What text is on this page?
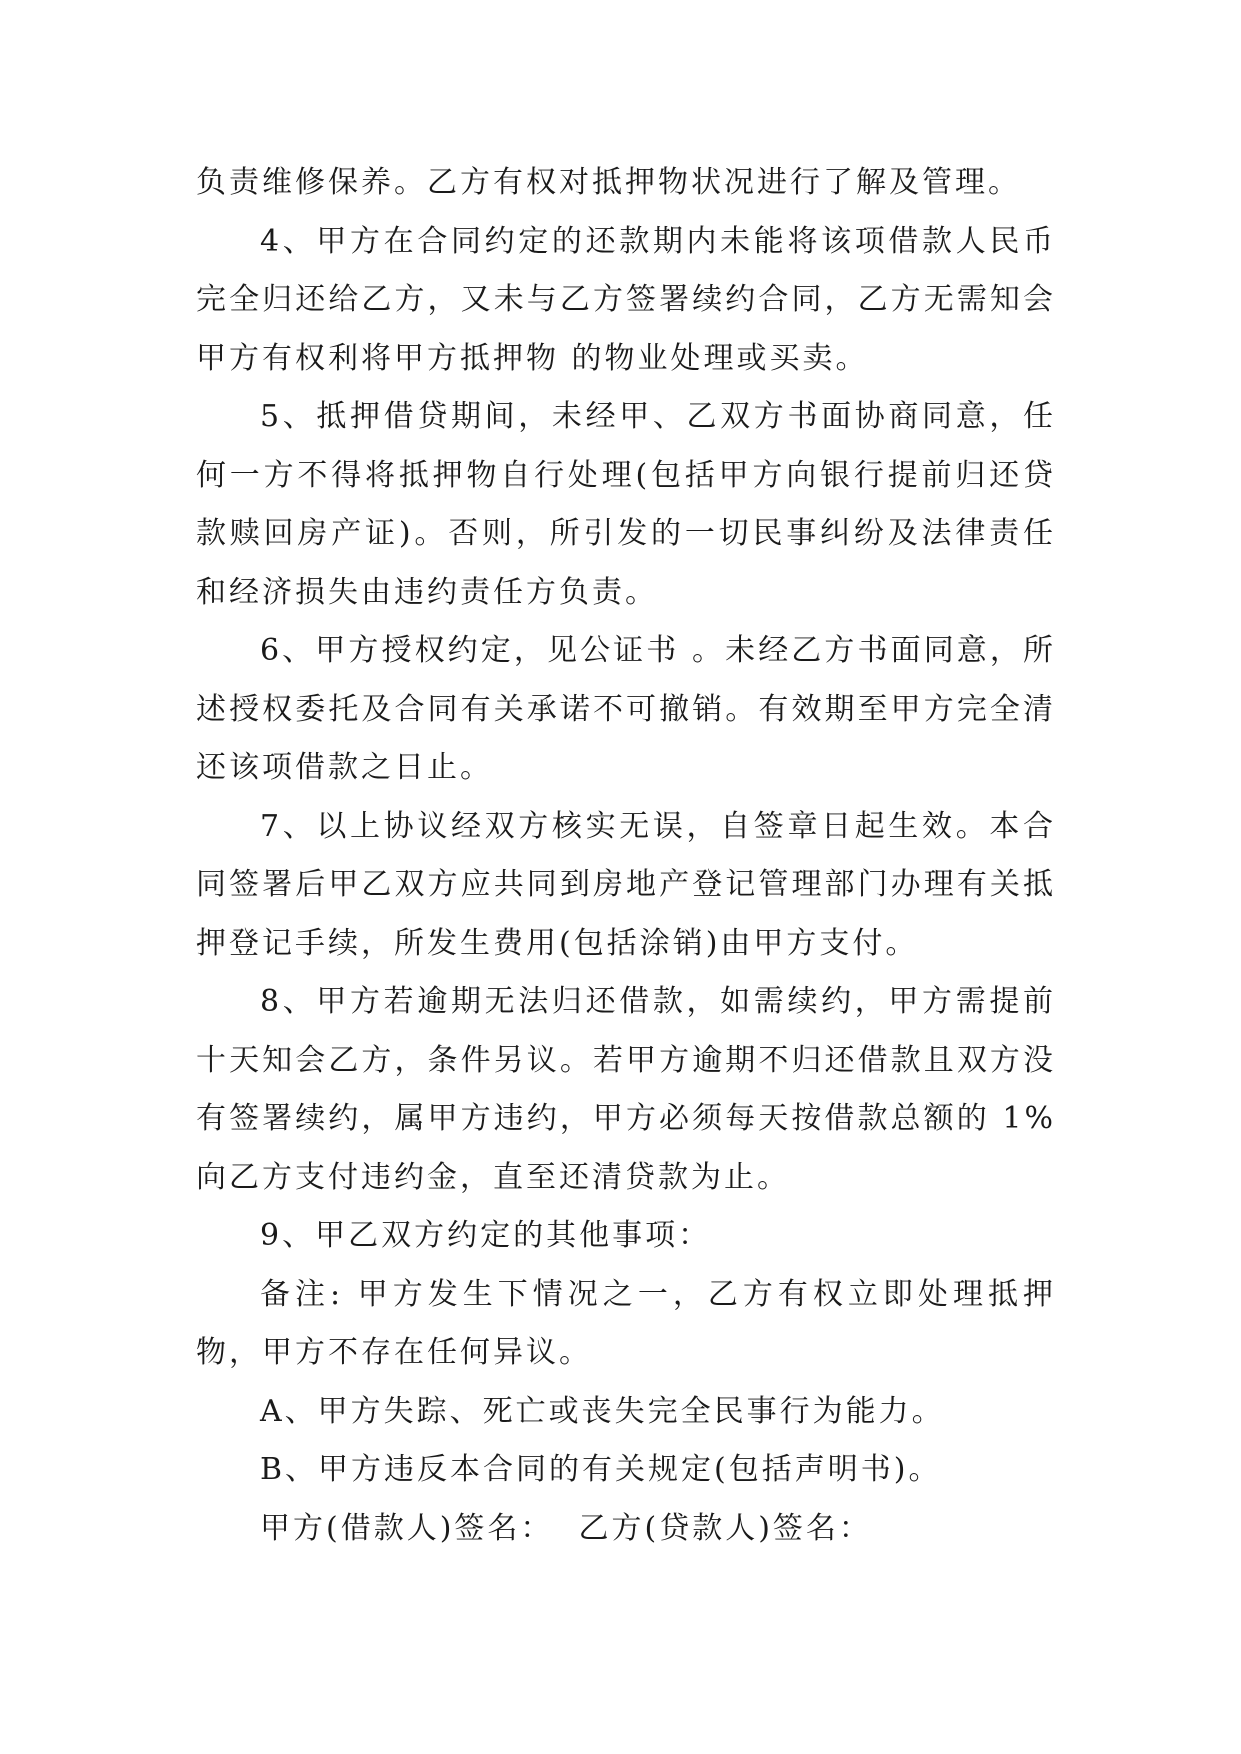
负责维修保养。乙方有权对抵押物状况进行了解及管理。

4、甲方在合同约定的还款期内未能将该项借款人民币完全归还给乙方，又未与乙方签署续约合同，乙方无需知会甲方有权利将甲方抵押物 的物业处理或买卖。

5、抵押借贷期间，未经甲、乙双方书面协商同意，任何一方不得将抵押物自行处理(包括甲方向银行提前归还贷款赎回房产证)。否则，所引发的一切民事纠纷及法律责任和经济损失由违约责任方负责。

6、甲方授权约定，见公证书 。未经乙方书面同意，所述授权委托及合同有关承诺不可撤销。有效期至甲方完全清还该项借款之日止。

7、以上协议经双方核实无误，自签章日起生效。本合同签署后甲乙双方应共同到房地产登记管理部门办理有关抵押登记手续，所发生费用(包括涂销)由甲方支付。

8、甲方若逾期无法归还借款，如需续约，甲方需提前十天知会乙方，条件另议。若甲方逾期不归还借款且双方没有签署续约，属甲方违约，甲方必须每天按借款总额的 1%向乙方支付违约金，直至还清贷款为止。

9、甲乙双方约定的其他事项：

备注: 甲方发生下情况之一，乙方有权立即处理抵押物，甲方不存在任何异议。

A、甲方失踪、死亡或丧失完全民事行为能力。

B、甲方违反本合同的有关规定(包括声明书)。

甲方(借款人)签名： 乙方(贷款人)签名：
